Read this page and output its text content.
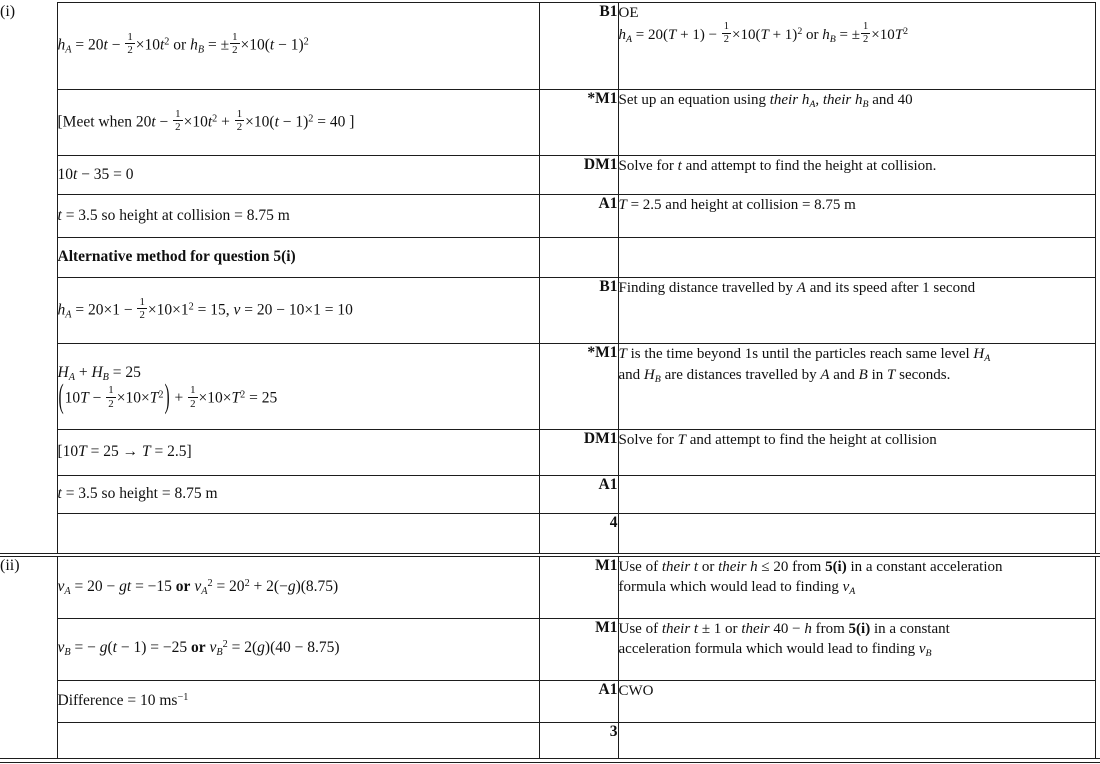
(i)	hA = $20t - \frac{1}{2} \times 10t^2$ or hB = ± $\frac{1}{2} \times 10(t - 1)^2$	B1	OE
hA = $20(T + 1) - \frac{1}{2} \times 10(T + 1)^2$ or hB = ± $\frac{1}{2} \times 10T^2$
[Meet when $20t - \frac{1}{2} \times 10t^2 + \frac{1}{2} \times 10(t - 1)^2 = 40$ ]	*M1	Set up an equation using their hA, their hB and 40
	10t − 35 = 0	DM1	Solve for t and attempt to find the height at collision.
	t = 3.5 so height at collision = 8.75 m	A1	T = 2.5 and height at collision = 8.75 m
	Alternative method for question 5(i)		
	hA = $20\times 1 - \frac{1}{2} \times 10\times 1^2 = 15$, v = 20 − 10×1 = 10	B1	Finding distance travelled by A and its speed after 1 second
HA + HB = 25
$(10T - \frac{1}{2} \times 10\times T^2) + \frac{1}{2} \times 10\times T^2 = 25$	*M1	T is the time beyond 1s until the particles reach same level HA
and HB are distances travelled by A and B in T seconds.
	[10T = 25 → T = 2.5]	DM1	Solve for T and attempt to find the height at collision
	t = 3.5 so height = 8.75 m	A1	
		4	
(ii)	vA = 20 − gt = −15 or $vA^2 = 20^2 + 2(-g)(8.75)$	M1	Use of their t or their h ≤ 20 from 5(i) in a constant acceleration
formula which would lead to finding vA
	vB = − g(t − 1) = −25 or $vB^2 = 2(g)(40 - 8.75)$	M1	Use of their t ± 1 or their 40 − h from 5(i) in a constant
acceleration formula which would lead to finding vB
	Difference = 10 $ms^{-1}$	A1	CWO
		3	
